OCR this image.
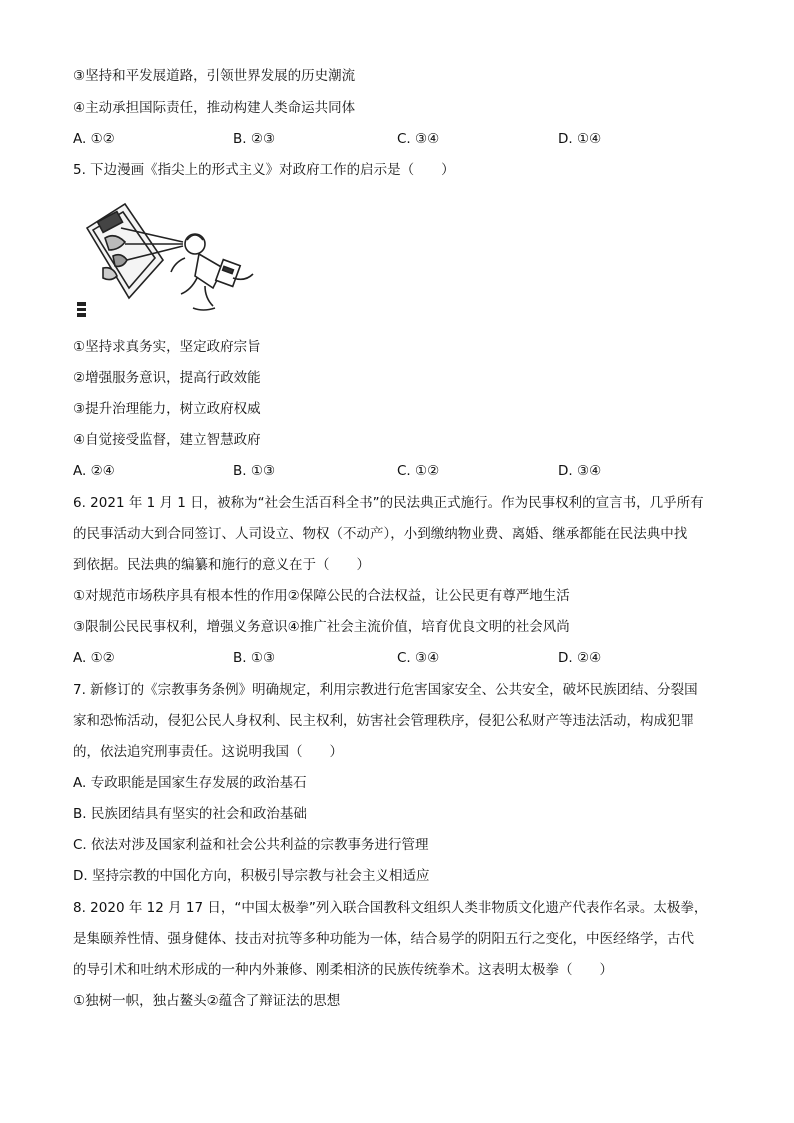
③坚持和平发展道路，引领世界发展的历史潮流
④主动承担国际责任，推动构建人类命运共同体
A. ①②	B. ②③	C. ③④	D. ①④
5. 下边漫画《指尖上的形式主义》对政府工作的启示是（　　）
①坚持求真务实，坚定政府宗旨
②增强服务意识，提高行政效能
③提升治理能力，树立政府权威
④自觉接受监督，建立智慧政府
A. ②④	B. ①③	C. ①②	D. ③④
6. 2021 年 1 月 1 日，被称为“社会生活百科全书”的民法典正式施行。作为民事权利的宣言书，几乎所有
的民事活动大到合同签订、人司设立、物权（不动产），小到缴纳物业费、离婚、继承都能在民法典中找
到依据。民法典的编纂和施行的意义在于（　　）
①对规范市场秩序具有根本性的作用②保障公民的合法权益，让公民更有尊严地生活
③限制公民民事权利，增强义务意识④推广社会主流价值，培育优良文明的社会风尚
A. ①②	B. ①③	C. ③④	D. ②④
7. 新修订的《宗教事务条例》明确规定，利用宗教进行危害国家安全、公共安全，破坏民族团结、分裂国
家和恐怖活动，侵犯公民人身权利、民主权利，妨害社会管理秩序，侵犯公私财产等违法活动，构成犯罪
的，依法追究刑事责任。这说明我国（　　）
A. 专政职能是国家生存发展的政治基石
B. 民族团结具有坚实的社会和政治基础
C. 依法对涉及国家利益和社会公共利益的宗教事务进行管理
D. 坚持宗教的中国化方向，积极引导宗教与社会主义相适应
8. 2020 年 12 月 17 日，“中国太极拳”列入联合国教科文组织人类非物质文化遗产代表作名录。太极拳，
是集颐养性情、强身健体、技击对抗等多种功能为一体，结合易学的阴阳五行之变化，中医经络学，古代
的导引术和吐纳术形成的一种内外兼修、刚柔相济的民族传统拳术。这表明太极拳（　　）
①独树一帜，独占鳌头②蕴含了辩证法的思想
